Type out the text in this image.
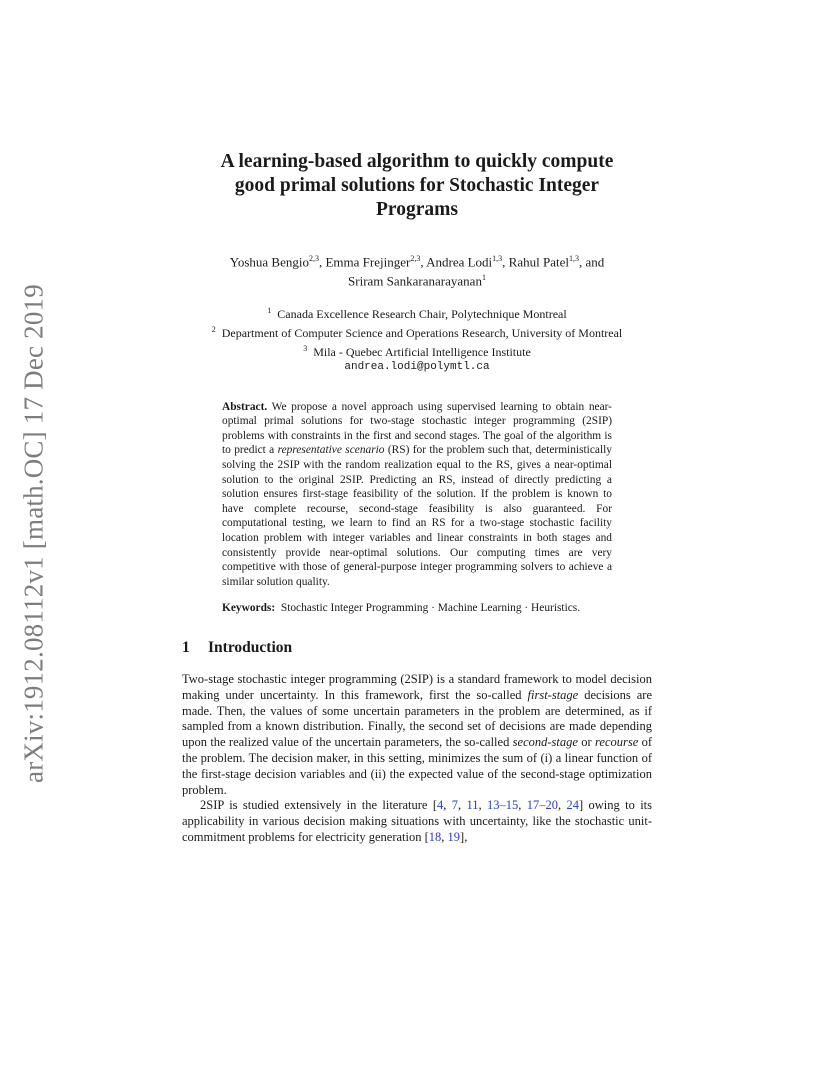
arXiv:1912.08112v1 [math.OC] 17 Dec 2019
A learning-based algorithm to quickly compute
good primal solutions for Stochastic Integer
Programs
Yoshua Bengio$^{2,3}$, Emma Frejinger$^{2,3}$, Andrea Lodi$^{1,3}$, Rahul Patel$^{1,3}$, and
Sriram Sankaranarayanan$^1$
$^1$ Canada Excellence Research Chair, Polytechnique Montreal
$^2$ Department of Computer Science and Operations Research, University of Montreal
$^3$ Mila - Quebec Artificial Intelligence Institute
andrea.lodi@polymtl.ca
Abstract. We propose a novel approach using supervised learning to obtain near-optimal primal solutions for two-stage stochastic integer programming (2SIP) problems with constraints in the first and second stages. The goal of the algorithm is to predict a representative scenario (RS) for the problem such that, deterministically solving the 2SIP with the random realization equal to the RS, gives a near-optimal solution to the original 2SIP. Predicting an RS, instead of directly predicting a solution ensures first-stage feasibility of the solution. If the problem is known to have complete recourse, second-stage feasibility is also guaranteed. For computational testing, we learn to find an RS for a two-stage stochastic facility location problem with integer variables and linear constraints in both stages and consistently provide near-optimal solutions. Our computing times are very competitive with those of general-purpose integer programming solvers to achieve a similar solution quality.
Keywords: Stochastic Integer Programming · Machine Learning · Heuristics.
1 Introduction

Two-stage stochastic integer programming (2SIP) is a standard framework to model decision making under uncertainty. In this framework, first the so-called first-stage decisions are made. Then, the values of some uncertain parameters in the problem are determined, as if sampled from a known distribution. Finally, the second set of decisions are made depending upon the realized value of the uncertain parameters, the so-called second-stage or recourse of the problem. The decision maker, in this setting, minimizes the sum of (i) a linear function of the first-stage decision variables and (ii) the expected value of the second-stage optimization problem.

2SIP is studied extensively in the literature [4, 7, 11, 13–15, 17–20, 24] owing to its applicability in various decision making situations with uncertainty, like the stochastic unit-commitment problems for electricity generation [18, 19],
